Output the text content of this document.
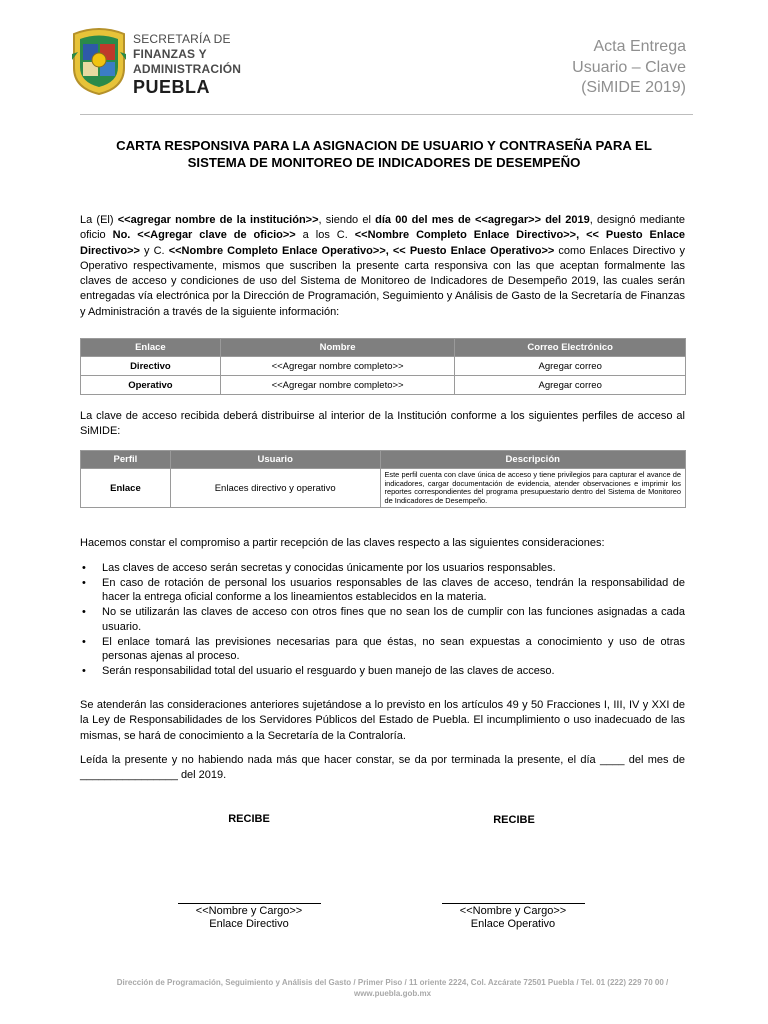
SECRETARÍA DE
FINANZAS Y
ADMINISTRACIÓN
PUEBLA
Acta Entrega
Usuario – Clave
(SiMIDE 2019)
CARTA RESPONSIVA PARA LA ASIGNACION DE USUARIO Y CONTRASEÑA PARA EL
SISTEMA DE MONITOREO DE INDICADORES DE DESEMPEÑO
La (El) <<agregar nombre de la institución>>, siendo el día 00 del mes de <<agregar>> del 2019, designó mediante oficio No. <<Agregar clave de oficio>> a los C. <<Nombre Completo Enlace Directivo>>, << Puesto Enlace Directivo>> y C. <<Nombre Completo Enlace Operativo>>, << Puesto Enlace Operativo>> como Enlaces Directivo y Operativo respectivamente, mismos que suscriben la presente carta responsiva con las que aceptan formalmente las claves de acceso y condiciones de uso del Sistema de Monitoreo de Indicadores de Desempeño 2019, las cuales serán entregadas vía electrónica por la Dirección de Programación, Seguimiento y Análisis de Gasto de la Secretaría de Finanzas y Administración a través de la siguiente información:
Enlace	Nombre	Correo Electrónico
Directivo	<<Agregar nombre completo>>	Agregar correo
Operativo	<<Agregar nombre completo>>	Agregar correo
La clave de acceso recibida deberá distribuirse al interior de la Institución conforme a los siguientes perfiles de acceso al SiMIDE:
Perfil	Usuario	Descripción
Enlace	Enlaces directivo y operativo	Este perfil cuenta con clave única de acceso y tiene privilegios para capturar el avance de indicadores, cargar documentación de evidencia, atender observaciones e imprimir los reportes correspondientes del programa presupuestario dentro del Sistema de Monitoreo de Indicadores de Desempeño.
Hacemos constar el compromiso a partir recepción de las claves respecto a las siguientes consideraciones:
• Las claves de acceso serán secretas y conocidas únicamente por los usuarios responsables.
• En caso de rotación de personal los usuarios responsables de las claves de acceso, tendrán la responsabilidad de hacer la entrega oficial conforme a los lineamientos establecidos en la materia.
• No se utilizarán las claves de acceso con otros fines que no sean los de cumplir con las funciones asignadas a cada usuario.
• El enlace tomará las previsiones necesarias para que éstas, no sean expuestas a conocimiento y uso de otras personas ajenas al proceso.
• Serán responsabilidad total del usuario el resguardo y buen manejo de las claves de acceso.
Se atenderán las consideraciones anteriores sujetándose a lo previsto en los artículos 49 y 50 Fracciones I, III, IV y XXI de la Ley de Responsabilidades de los Servidores Públicos del Estado de Puebla. El incumplimiento o uso inadecuado de las mismas, se hará de conocimiento a la Secretaría de la Contraloría.
Leída la presente y no habiendo nada más que hacer constar, se da por terminada la presente, el día ____ del mes de ________________ del 2019.
RECIBE	RECIBE
<<Nombre y Cargo>>
Enlace Directivo
<<Nombre y Cargo>>
Enlace Operativo
Dirección de Programación, Seguimiento y Análisis del Gasto / Primer Piso / 11 oriente 2224, Col. Azcárate 72501 Puebla / Tel. 01 (222) 229 70 00 /
www.puebla.gob.mx
